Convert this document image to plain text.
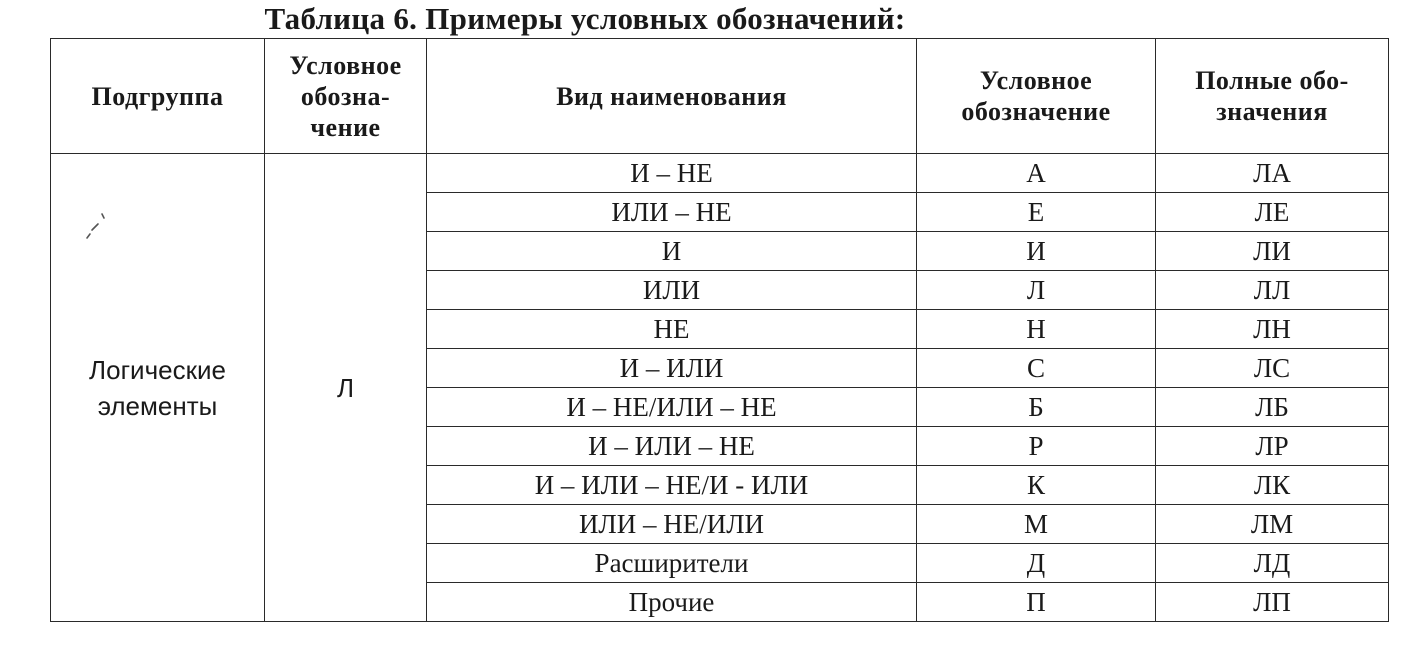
Таблица 6. Примеры условных обозначений:
Подгруппа	Условное
обозна-
чение	Вид наименования	Условное
обозначение	Полные обо-
значения
Логические
элементы	Л	И – НЕ	А	ЛА
		ИЛИ – НЕ	Е	ЛЕ
		И	И	ЛИ
		ИЛИ	Л	ЛЛ
		НЕ	Н	ЛН
		И – ИЛИ	С	ЛС
		И – НЕ/ИЛИ – НЕ	Б	ЛБ
		И – ИЛИ – НЕ	Р	ЛР
		И – ИЛИ – НЕ/И - ИЛИ	К	ЛК
		ИЛИ – НЕ/ИЛИ	М	ЛМ
		Расширители	Д	ЛД
		Прочие	П	ЛП
